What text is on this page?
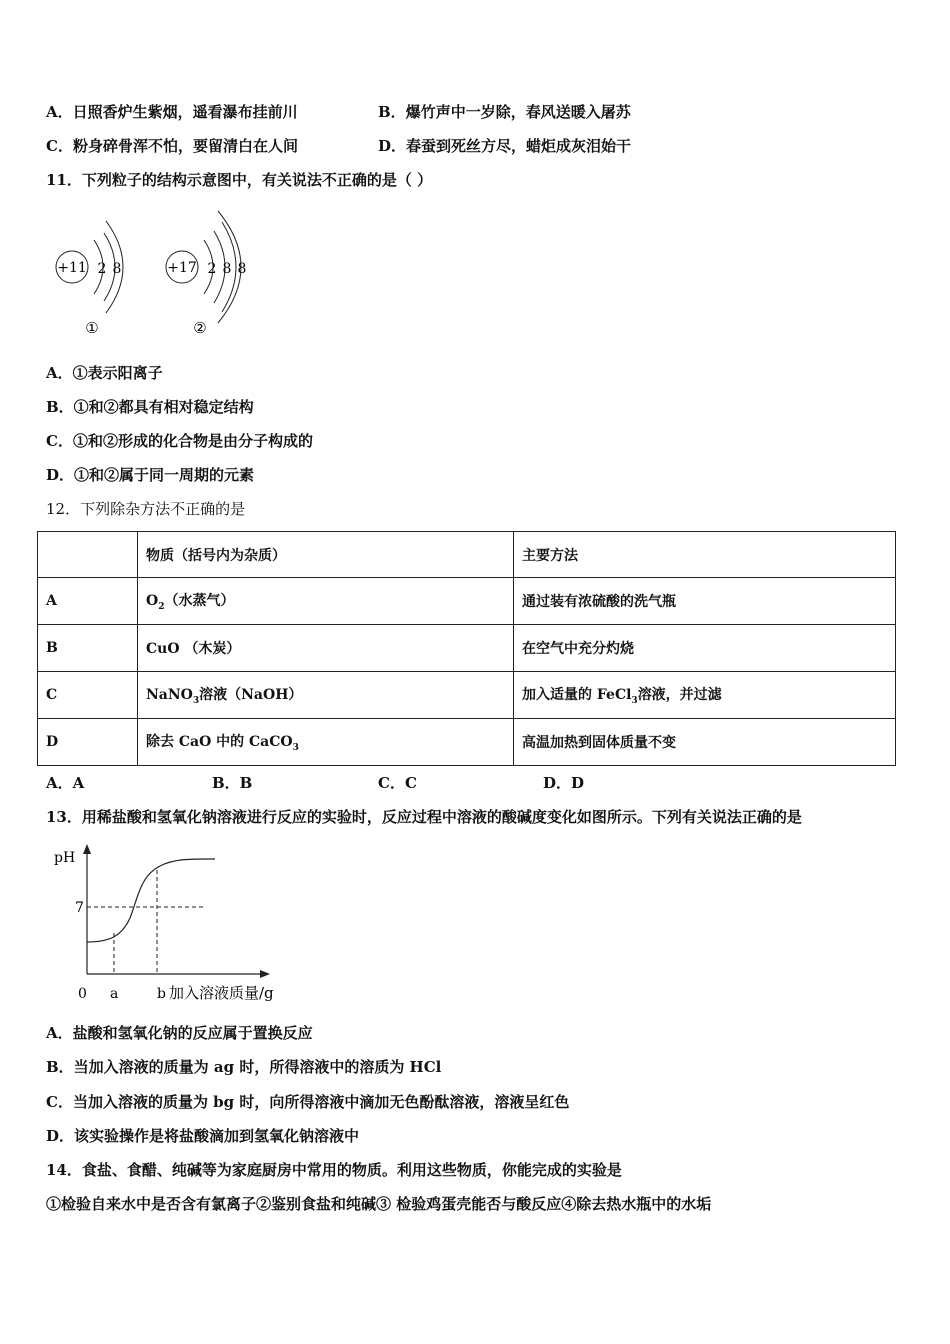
A．日照香炉生紫烟，遥看瀑布挂前川	B．爆竹声中一岁除，春风送暖入屠苏
C．粉身碎骨浑不怕，要留清白在人间	D．春蚕到死丝方尽，蜡炬成灰泪始干
11．下列粒子的结构示意图中，有关说法不正确的是（ ）
+11 2 8
①
+17 2 8 8
②
A．①表示阳离子
B．①和②都具有相对稳定结构
C．①和②形成的化合物是由分子构成的
D．①和②属于同一周期的元素
12．下列除杂方法不正确的是
	物质（括号内为杂质）	主要方法
A	$O_2$（水蒸气）	通过装有浓硫酸的洗气瓶
B	CuO （木炭）	在空气中充分灼烧
C	NaNO$_3$溶液（NaOH）	加入适量的 FeCl$_3$溶液，并过滤
D	除去 CaO 中的 CaCO$_3$	高温加热到固体质量不变
A．A	B．B	C．C	D．D
13．用稀盐酸和氢氧化钠溶液进行反应的实验时，反应过程中溶液的酸碱度变化如图所示。下列有关说法正确的是
pH
7
0 a	b 加入溶液质量/g
A．盐酸和氢氧化钠的反应属于置换反应
B．当加入溶液的质量为 ag 时，所得溶液中的溶质为 HCl
C．当加入溶液的质量为 bg 时，向所得溶液中滴加无色酚酞溶液，溶液呈红色
D．该实验操作是将盐酸滴加到氢氧化钠溶液中
14．食盐、食醋、纯碱等为家庭厨房中常用的物质。利用这些物质，你能完成的实验是
①检验自来水中是否含有氯离子②鉴别食盐和纯碱③ 检验鸡蛋壳能否与酸反应④除去热水瓶中的水垢
